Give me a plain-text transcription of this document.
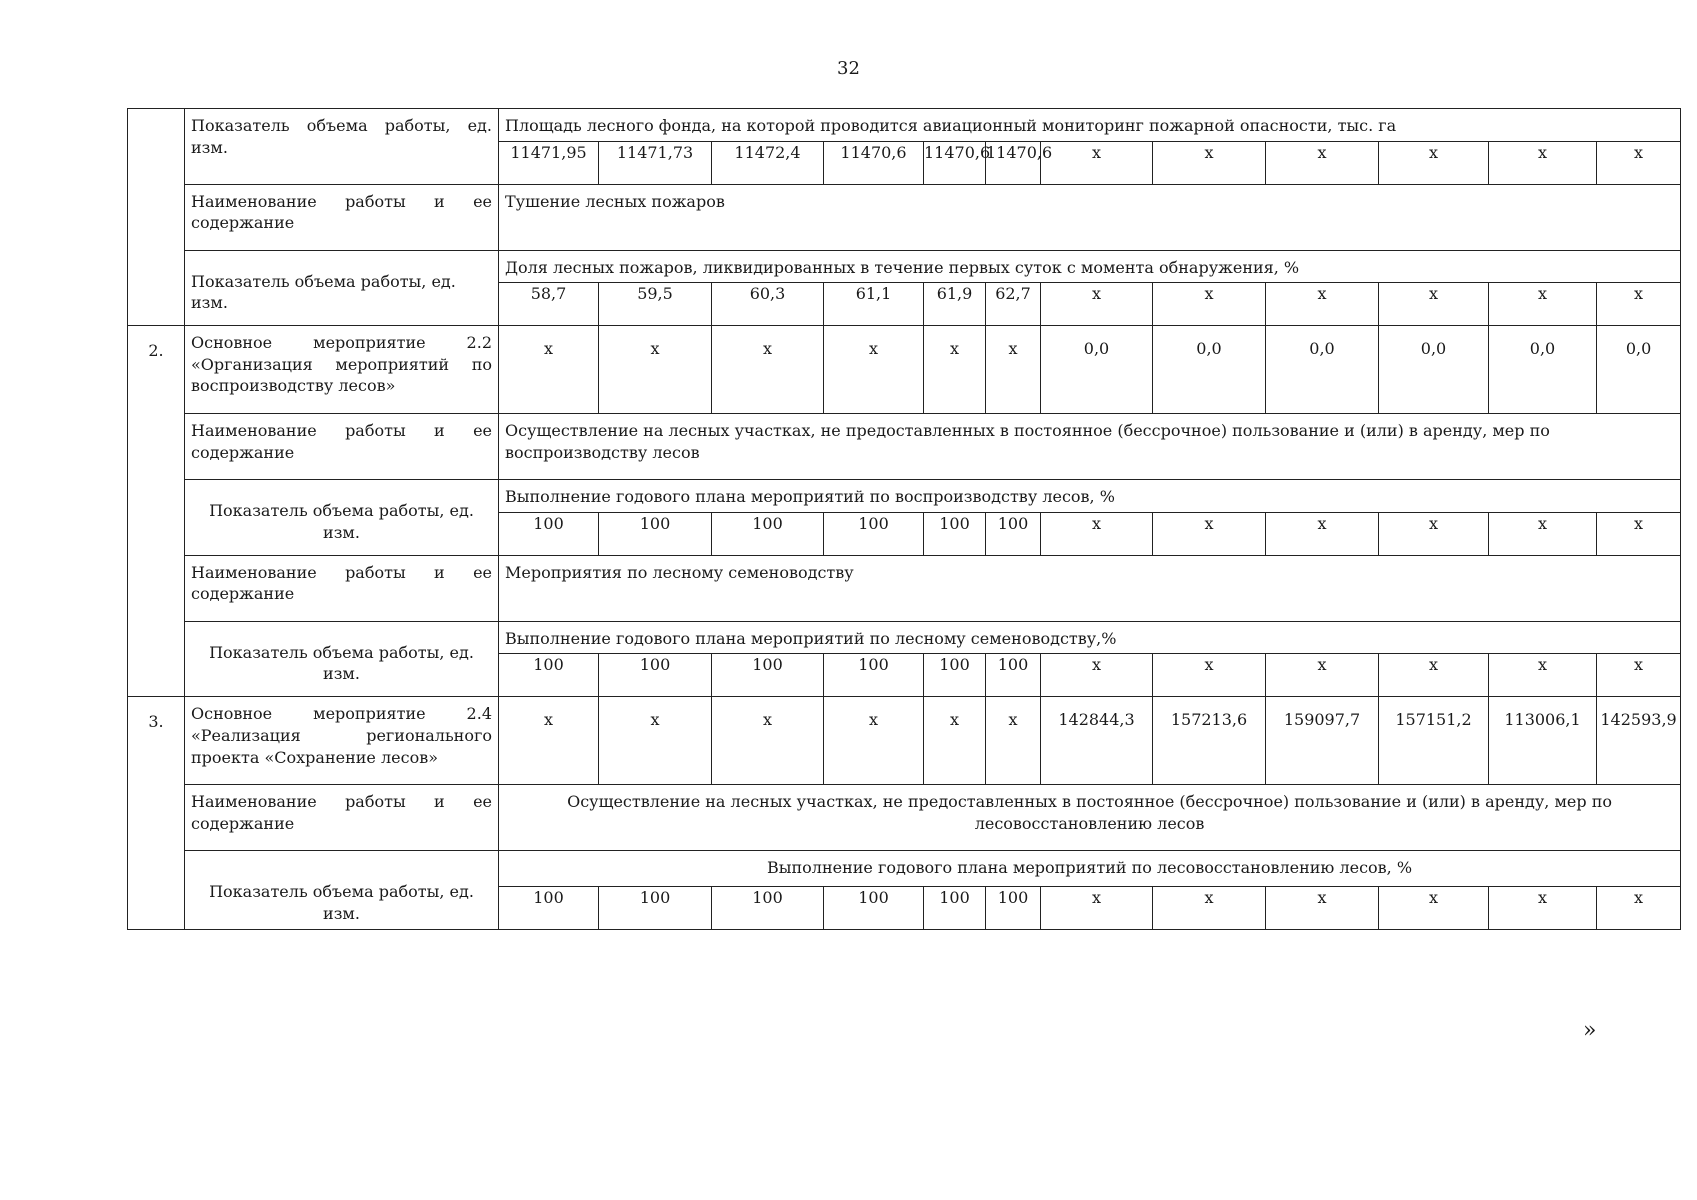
32
	Показатель объема работы, ед. изм.	Площадь лесного фонда, на которой проводится авиационный мониторинг пожарной опасности, тыс. га											
		11471,95	11471,73	11472,4	11470,6	11470,6	11470,6	x	x	x	x	x	x
	Наименование работы и ее содержание	Тушение лесных пожаров											
	Показатель объема работы, ед. изм.	Доля лесных пожаров, ликвидированных в течение первых суток с момента обнаружения, %											
		58,7	59,5	60,3	61,1	61,9	62,7	x	x	x	x	x	x
2.	Основное мероприятие 2.2 «Организация мероприятий по воспроизводству лесов»	x	x	x	x	x	x	0,0	0,0	0,0	0,0	0,0	0,0
	Наименование работы и ее содержание	Осуществление на лесных участках, не предоставленных в постоянное (бессрочное) пользование и (или) в аренду, мер по воспроизводству лесов											
	Показатель объема работы, ед. изм.	Выполнение годового плана мероприятий по воспроизводству лесов, %											
		100	100	100	100	100	100	x	x	x	x	x	x
	Наименование работы и ее содержание	Мероприятия по лесному семеноводству											
	Показатель объема работы, ед. изм.	Выполнение годового плана мероприятий по лесному семеноводству,%											
		100	100	100	100	100	100	x	x	x	x	x	x
3.	Основное мероприятие 2.4 «Реализация регионального проекта «Сохранение лесов»	x	x	x	x	x	x	142844,3	157213,6	159097,7	157151,2	113006,1	142593,9
	Наименование работы и ее содержание	Осуществление на лесных участках, не предоставленных в постоянное (бессрочное) пользование и (или) в аренду, мер по лесовосстановлению лесов											
	Показатель объема работы, ед. изм.	Выполнение годового плана мероприятий по лесовосстановлению лесов, %											
		100	100	100	100	100	100	x	x	x	x	x	x
»
